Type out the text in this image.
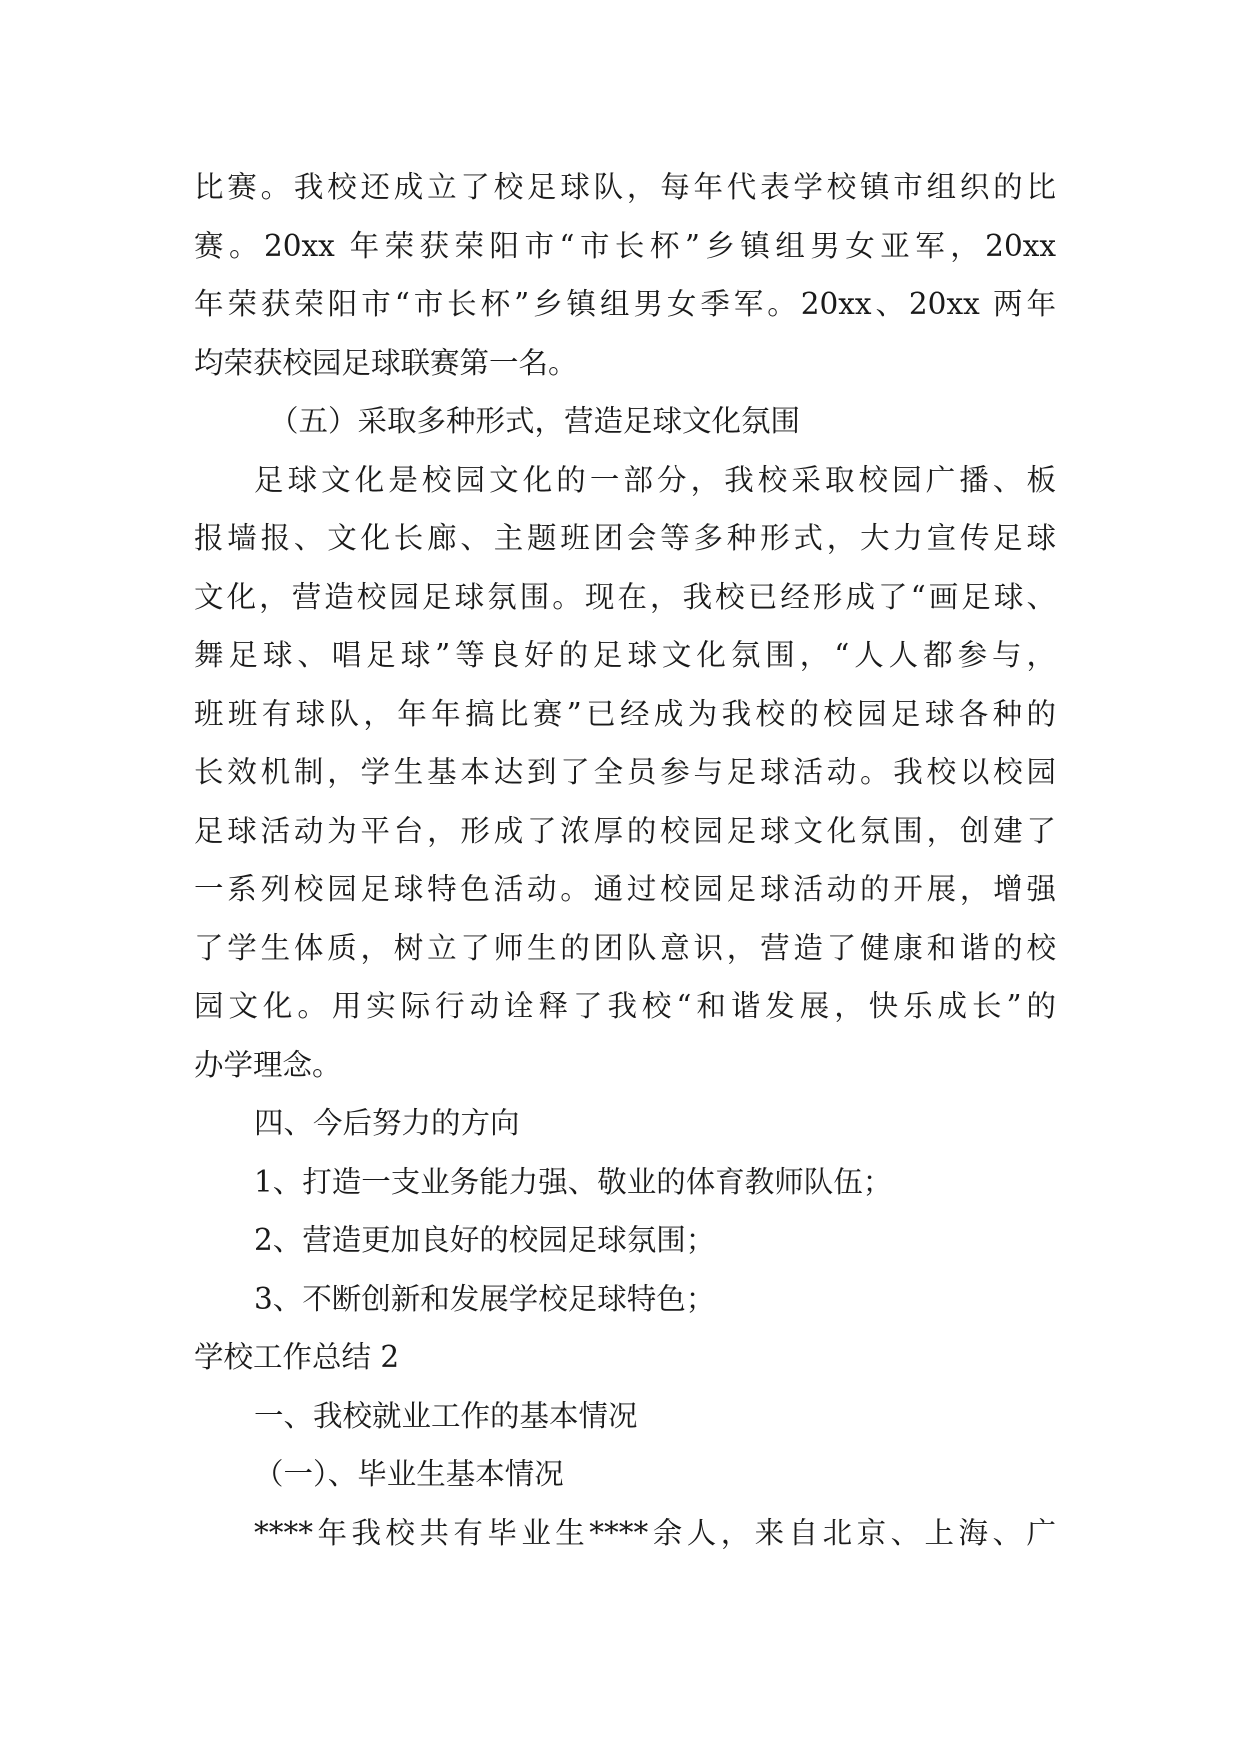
比赛。我校还成立了校足球队，每年代表学校镇市组织的比
赛。20xx 年荣获荣阳市“市长杯”乡镇组男女亚军，20xx
年荣获荣阳市“市长杯”乡镇组男女季军。20xx、20xx 两年
均荣获校园足球联赛第一名。
（五）采取多种形式，营造足球文化氛围
足球文化是校园文化的一部分，我校采取校园广播、板
报墙报、文化长廊、主题班团会等多种形式，大力宣传足球
文化，营造校园足球氛围。现在，我校已经形成了“画足球、
舞足球、唱足球”等良好的足球文化氛围，“人人都参与，
班班有球队，年年搞比赛”已经成为我校的校园足球各种的
长效机制，学生基本达到了全员参与足球活动。我校以校园
足球活动为平台，形成了浓厚的校园足球文化氛围，创建了
一系列校园足球特色活动。通过校园足球活动的开展，增强
了学生体质，树立了师生的团队意识，营造了健康和谐的校
园文化。用实际行动诠释了我校“和谐发展，快乐成长”的
办学理念。
四、今后努力的方向
1、打造一支业务能力强、敬业的体育教师队伍；
2、营造更加良好的校园足球氛围；
3、不断创新和发展学校足球特色；
学校工作总结 2
一、我校就业工作的基本情况
（一）、毕业生基本情况
****年我校共有毕业生****余人，来自北京、上海、广
